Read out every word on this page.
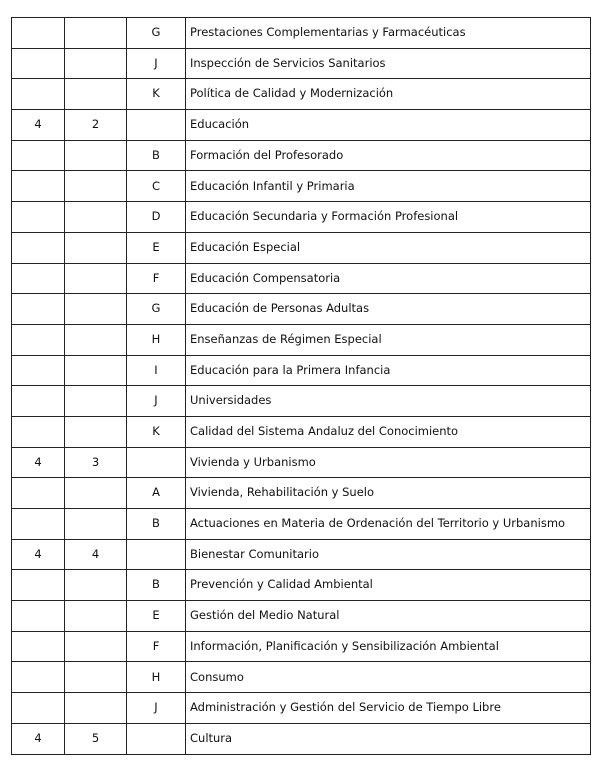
		G	Prestaciones Complementarias y Farmacéuticas
		J	Inspección de Servicios Sanitarios
		K	Política de Calidad y Modernización
4	2		Educación
		B	Formación del Profesorado
		C	Educación Infantil y Primaria
		D	Educación Secundaria y Formación Profesional
		E	Educación Especial
		F	Educación Compensatoria
		G	Educación de Personas Adultas
		H	Enseñanzas de Régimen Especial
		I	Educación para la Primera Infancia
		J	Universidades
		K	Calidad del Sistema Andaluz del Conocimiento
4	3		Vivienda y Urbanismo
		A	Vivienda, Rehabilitación y Suelo
		B	Actuaciones en Materia de Ordenación del Territorio y Urbanismo
4	4		Bienestar Comunitario
		B	Prevención y Calidad Ambiental
		E	Gestión del Medio Natural
		F	Información, Planificación y Sensibilización Ambiental
		H	Consumo
		J	Administración y Gestión del Servicio de Tiempo Libre
4	5		Cultura
